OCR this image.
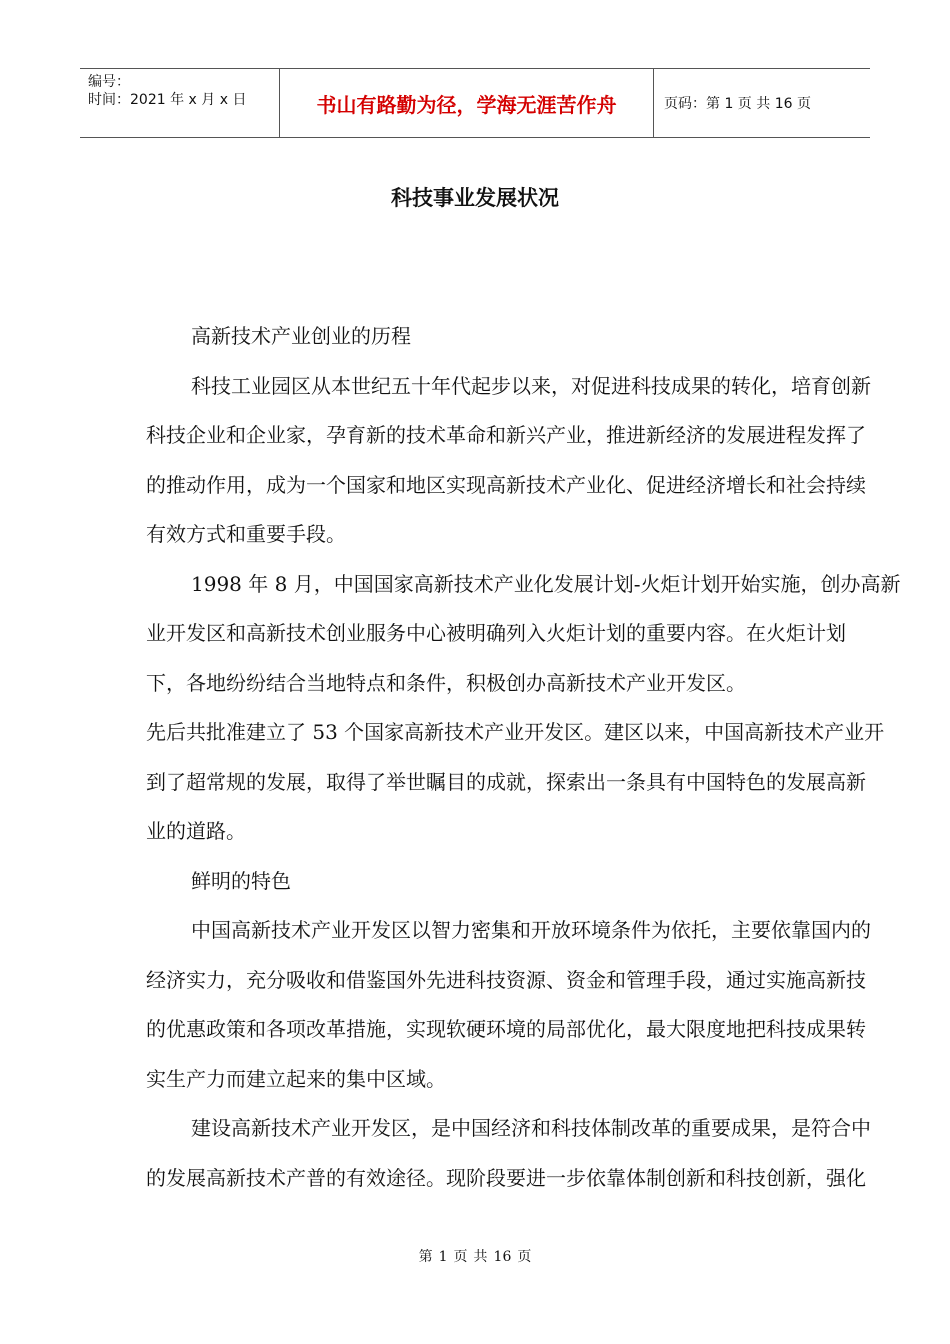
编号：
时间：2021 年 x 月 x 日	书山有路勤为径，学海无涯苦作舟	页码：第 1 页 共 16 页
科技事业发展状况
高新技术产业创业的历程
科技工业园区从本世纪五十年代起步以来，对促进科技成果的转化，培育创新
科技企业和企业家，孕育新的技术革命和新兴产业，推进新经济的发展进程发挥了
的推动作用，成为一个国家和地区实现高新技术产业化、促进经济增长和社会持续
有效方式和重要手段。
1998 年 8 月，中国国家高新技术产业化发展计划-火炬计划开始实施，创办高新
业开发区和高新技术创业服务中心被明确列入火炬计划的重要内容。在火炬计划
下，各地纷纷结合当地特点和条件，积极创办高新技术产业开发区。
先后共批准建立了 53 个国家高新技术产业开发区。建区以来，中国高新技术产业开
到了超常规的发展，取得了举世瞩目的成就，探索出一条具有中国特色的发展高新
业的道路。
鲜明的特色
中国高新技术产业开发区以智力密集和开放环境条件为依托，主要依靠国内的
经济实力，充分吸收和借鉴国外先进科技资源、资金和管理手段，通过实施高新技
的优惠政策和各项改革措施，实现软硬环境的局部优化，最大限度地把科技成果转
实生产力而建立起来的集中区域。
建设高新技术产业开发区，是中国经济和科技体制改革的重要成果，是符合中
的发展高新技术产普的有效途径。现阶段要进一步依靠体制创新和科技创新，强化
第 1 页 共 16 页
